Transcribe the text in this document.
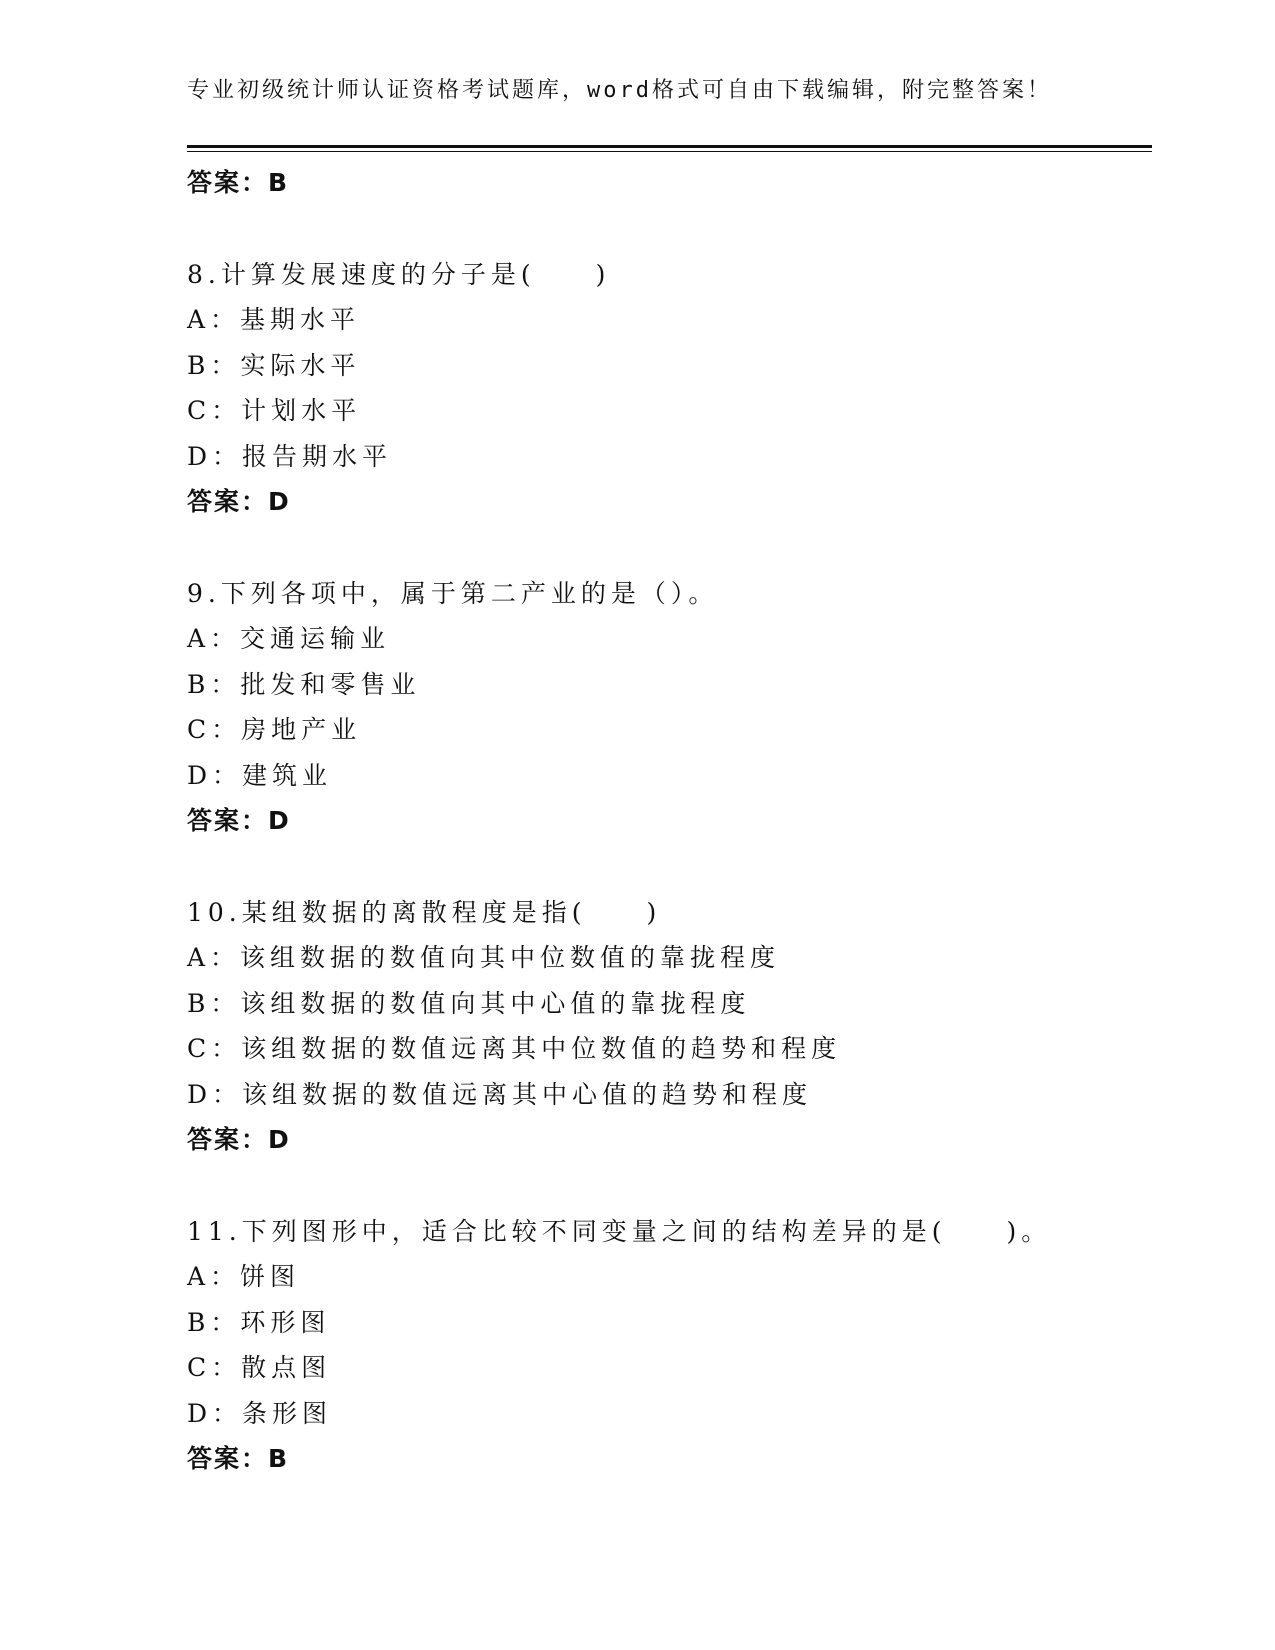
专业初级统计师认证资格考试题库，word格式可自由下载编辑，附完整答案！
答案：B
8.计算发展速度的分子是(　　)
A：基期水平
B：实际水平
C：计划水平
D：报告期水平
答案：D
9.下列各项中，属于第二产业的是（）。
A：交通运输业
B：批发和零售业
C：房地产业
D：建筑业
答案：D
10.某组数据的离散程度是指(　　)
A：该组数据的数值向其中位数值的靠拢程度
B：该组数据的数值向其中心值的靠拢程度
C：该组数据的数值远离其中位数值的趋势和程度
D：该组数据的数值远离其中心值的趋势和程度
答案：D
11.下列图形中，适合比较不同变量之间的结构差异的是(　　)。
A：饼图
B：环形图
C：散点图
D：条形图
答案：B
